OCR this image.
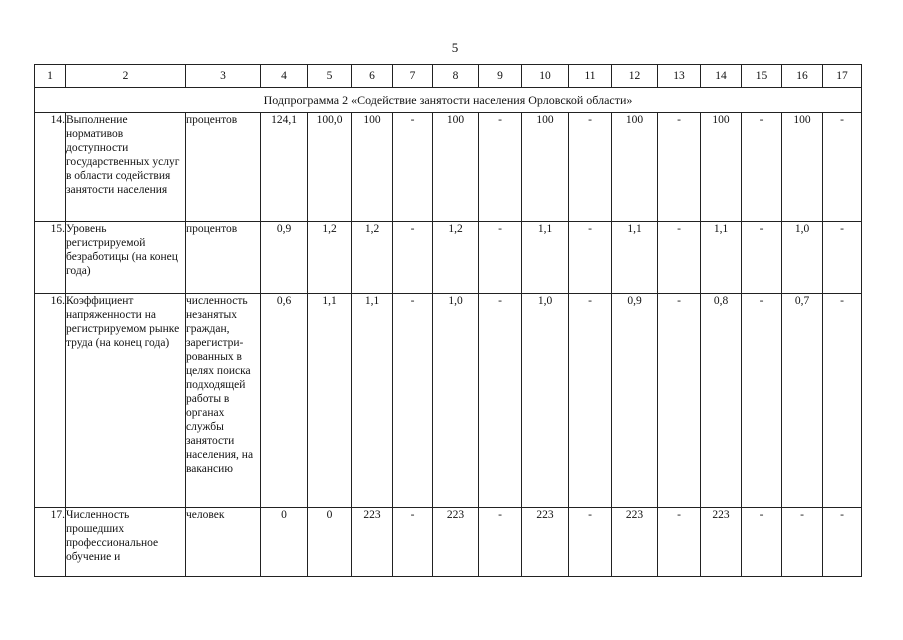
5
1	2	3	4	5	6	7	8	9	10	11	12	13	14	15	16	17
Подпрограмма 2 «Содействие занятости населения Орловской области»																
14.	Выполнение нормативов доступности государственных услуг в области содействия занятости населения	процентов	124,1	100,0	100	-	100	-	100	-	100	-	100	-	100	-
15.	Уровень регистрируемой безработицы (на конец года)	процентов	0,9	1,2	1,2	-	1,2	-	1,1	-	1,1	-	1,1	-	1,0	-
16.	Коэффициент напряженности на регистрируемом рынке труда (на конец года)	численность незанятых граждан, зарегистри-рованных в целях поиска подходящей работы в органах службы занятости населения, на вакансию	0,6	1,1	1,1	-	1,0	-	1,0	-	0,9	-	0,8	-	0,7	-
17.	Численность прошедших профессиональное обучение и	человек	0	0	223	-	223	-	223	-	223	-	223	-	-	-
